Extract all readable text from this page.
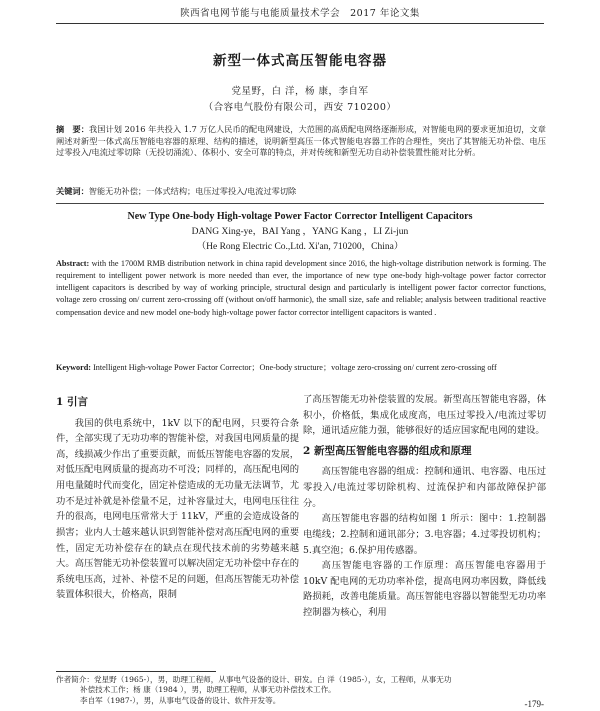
陕西省电网节能与电能质量技术学会　2017 年论文集
新型一体式高压智能电容器
党星野，白 洋，杨 康，李自军
（合容电气股份有限公司，西安 710200）
摘　要：我国计划 2016 年共投入 1.7 万亿人民币的配电网建设，大范围的高质配电网络逐渐形成，对智能电网的要求更加迫切，文章阐述对新型一体式高压智能电容器的原理、结构的描述，说明新型高压一体式智能电容器工作的合理性，突出了其智能无功补偿、电压过零投入/电流过零切除（无投切涌流）、体积小、安全可靠的特点，并对传统和新型无功自动补偿装置性能对比分析。
关键词：智能无功补偿；一体式结构；电压过零投入/电流过零切除
New Type One-body High-voltage Power Factor Corrector Intelligent Capacitors
DANG Xing-ye，BAI Yang ，YANG Kang ，LI Zi-jun
（He Rong Electric Co.,Ltd. Xi'an, 710200，China）
Abstract: with the 1700M RMB distribution network in china rapid development since 2016, the high-voltage distribution network is forming. The requirement to intelligent power network is more needed than ever, the importance of new type one-body high-voltage power factor corrector intelligent capacitors is described by way of working principle, structural design and particularly is intelligent power factor corrector functions, voltage zero crossing on/ current zero-crossing off (without on/off harmonic), the small size, safe and reliable; analysis between traditional reactive compensation device and new model one-body high-voltage power factor corrector intelligent capacitors is wanted .
Keyword: Intelligent High-voltage Power Factor Corrector；One-body structure；voltage zero-crossing on/ current zero-crossing off
1 引言

我国的供电系统中，1kV 以下的配电网，只要符合条件，全部实现了无功功率的智能补偿，对我国电网质量的提高，线损减少作出了重要贡献，而低压智能电容器的发展，对低压配电网质量的提高功不可没；同样的，高压配电网的用电量随时代而变化，固定补偿造成的无功量无法调节，尤功不是过补就是补偿量不足，过补容量过大，电网电压往往升的很高，电网电压常常大于 11kV，严重的会造成设备的损害；业内人士越来越认识到智能补偿对高压配电网的重要性，固定无功补偿存在的缺点在现代技术前的劣势越来越大。高压智能无功补偿装置可以解决固定无功补偿中存在的系统电压高，过补、补偿不足的问题，但高压智能无功补偿装置体积很大，价格高，限制

了高压智能无功补偿装置的发展。新型高压智能电容器，体积小，价格低，集成化成度高，电压过零投入/电流过零切除，通讯适应能力强，能够很好的适应国家配电网的建设。

2 新型高压智能电容器的组成和原理

高压智能电容器的组成：控制和通讯、电容器、电压过零投入/电流过零切除机构、过流保护和内部故障保护部分。

高压智能电容器的结构如图 1 所示：图中：1.控制器电缆线；2.控制和通讯部分；3.电容器；4.过零投切机构；5.真空泡；6.保护用传感器。

高压智能电容器的工作原理：高压智能电容器用于 10kV 配电网的无功功率补偿，提高电网功率因数，降低线路损耗，改善电能质量。高压智能电容器以智能型无功功率控制器为核心，利用

作者简介：党星野（1965-），男，助理工程师，从事电气设备的设计、研发。白 洋（1985-），女，工程师，从事无功
补偿技术工作；杨 康（1984 ），男，助理工程师，从事无功补偿技术工作。
李自军（1987-），男，从事电气设备的设计、软件开发等。	-179-
